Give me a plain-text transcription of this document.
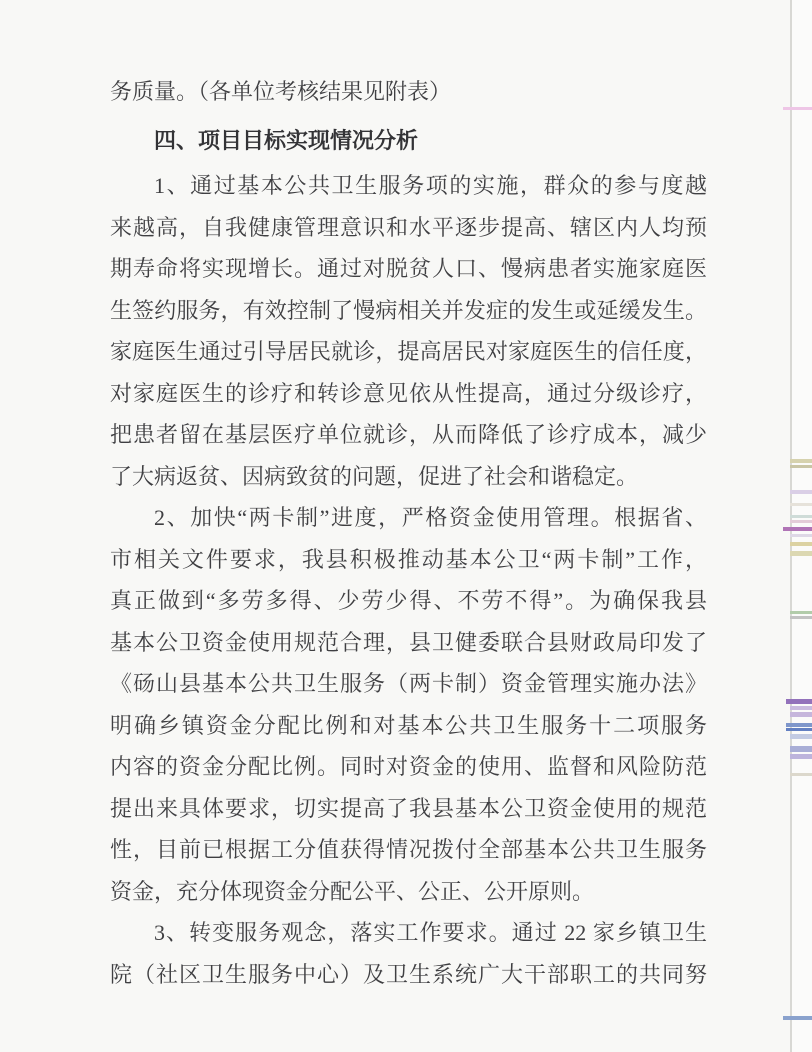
务质量。（各单位考核结果见附表）
四、项目目标实现情况分析
1、通过基本公共卫生服务项的实施，群众的参与度越
来越高，自我健康管理意识和水平逐步提高、辖区内人均预
期寿命将实现增长。通过对脱贫人口、慢病患者实施家庭医
生签约服务，有效控制了慢病相关并发症的发生或延缓发生。
家庭医生通过引导居民就诊，提高居民对家庭医生的信任度，
对家庭医生的诊疗和转诊意见依从性提高，通过分级诊疗，
把患者留在基层医疗单位就诊，从而降低了诊疗成本，减少
了大病返贫、因病致贫的问题，促进了社会和谐稳定。
2、加快“两卡制”进度，严格资金使用管理。根据省、
市相关文件要求，我县积极推动基本公卫“两卡制”工作，
真正做到“多劳多得、少劳少得、不劳不得”。为确保我县
基本公卫资金使用规范合理，县卫健委联合县财政局印发了
《砀山县基本公共卫生服务（两卡制）资金管理实施办法》
明确乡镇资金分配比例和对基本公共卫生服务十二项服务
内容的资金分配比例。同时对资金的使用、监督和风险防范
提出来具体要求，切实提高了我县基本公卫资金使用的规范
性，目前已根据工分值获得情况拨付全部基本公共卫生服务
资金，充分体现资金分配公平、公正、公开原则。
3、转变服务观念，落实工作要求。通过 22 家乡镇卫生
院（社区卫生服务中心）及卫生系统广大干部职工的共同努
